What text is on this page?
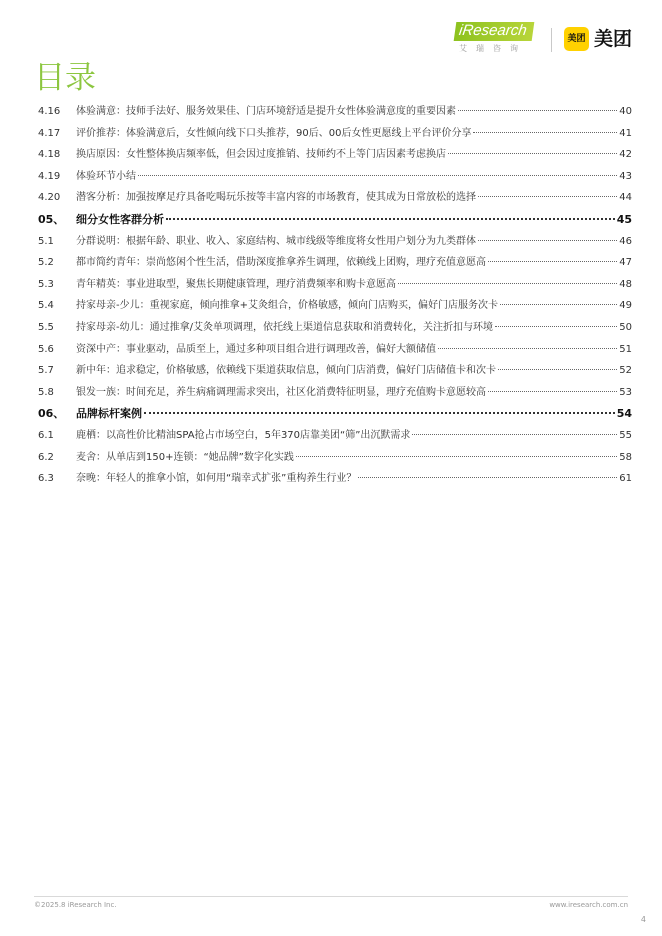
iResearch
艾瑞咨询
美团 美团
目录
4.16	体验满意：技师手法好、服务效果佳、门店环境舒适是提升女性体验满意度的重要因素	40
4.17	评价推荐：体验满意后，女性倾向线下口头推荐，90后、00后女性更愿线上平台评价分享	41
4.18	换店原因：女性整体换店频率低，但会因过度推销、技师约不上等门店因素考虑换店	42
4.19	体验环节小结	43
4.20	潜客分析：加强按摩足疗具备吃喝玩乐按等丰富内容的市场教育，使其成为日常放松的选择	44
05、	细分女性客群分析	45
5.1	分群说明：根据年龄、职业、收入、家庭结构、城市线级等维度将女性用户划分为九类群体	46
5.2	都市简约青年：崇尚悠闲个性生活，借助深度推拿养生调理，依赖线上团购，理疗充值意愿高	47
5.3	青年精英：事业进取型，聚焦长期健康管理，理疗消费频率和购卡意愿高	48
5.4	持家母亲-少儿：重视家庭，倾向推拿+艾灸组合，价格敏感，倾向门店购买，偏好门店服务次卡	49
5.5	持家母亲-幼儿：通过推拿/艾灸单项调理，依托线上渠道信息获取和消费转化，关注折扣与环境	50
5.6	资深中产：事业驱动，品质至上，通过多种项目组合进行调理改善，偏好大额储值	51
5.7	新中年：追求稳定，价格敏感，依赖线下渠道获取信息，倾向门店消费，偏好门店储值卡和次卡	52
5.8	银发一族：时间充足，养生病痛调理需求突出，社区化消费特征明显，理疗充值购卡意愿较高	53
06、	品牌标杆案例	54
6.1	鹿栖：以高性价比精油SPA抢占市场空白，5年370店靠美团“筛”出沉默需求	55
6.2	麦舍：从单店到150+连锁：“她品牌”数字化实践	58
6.3	奈晚：年轻人的推拿小馆，如何用“瑞幸式扩张”重构养生行业？	61
©2025.8 iResearch Inc.	www.iresearch.com.cn
4
